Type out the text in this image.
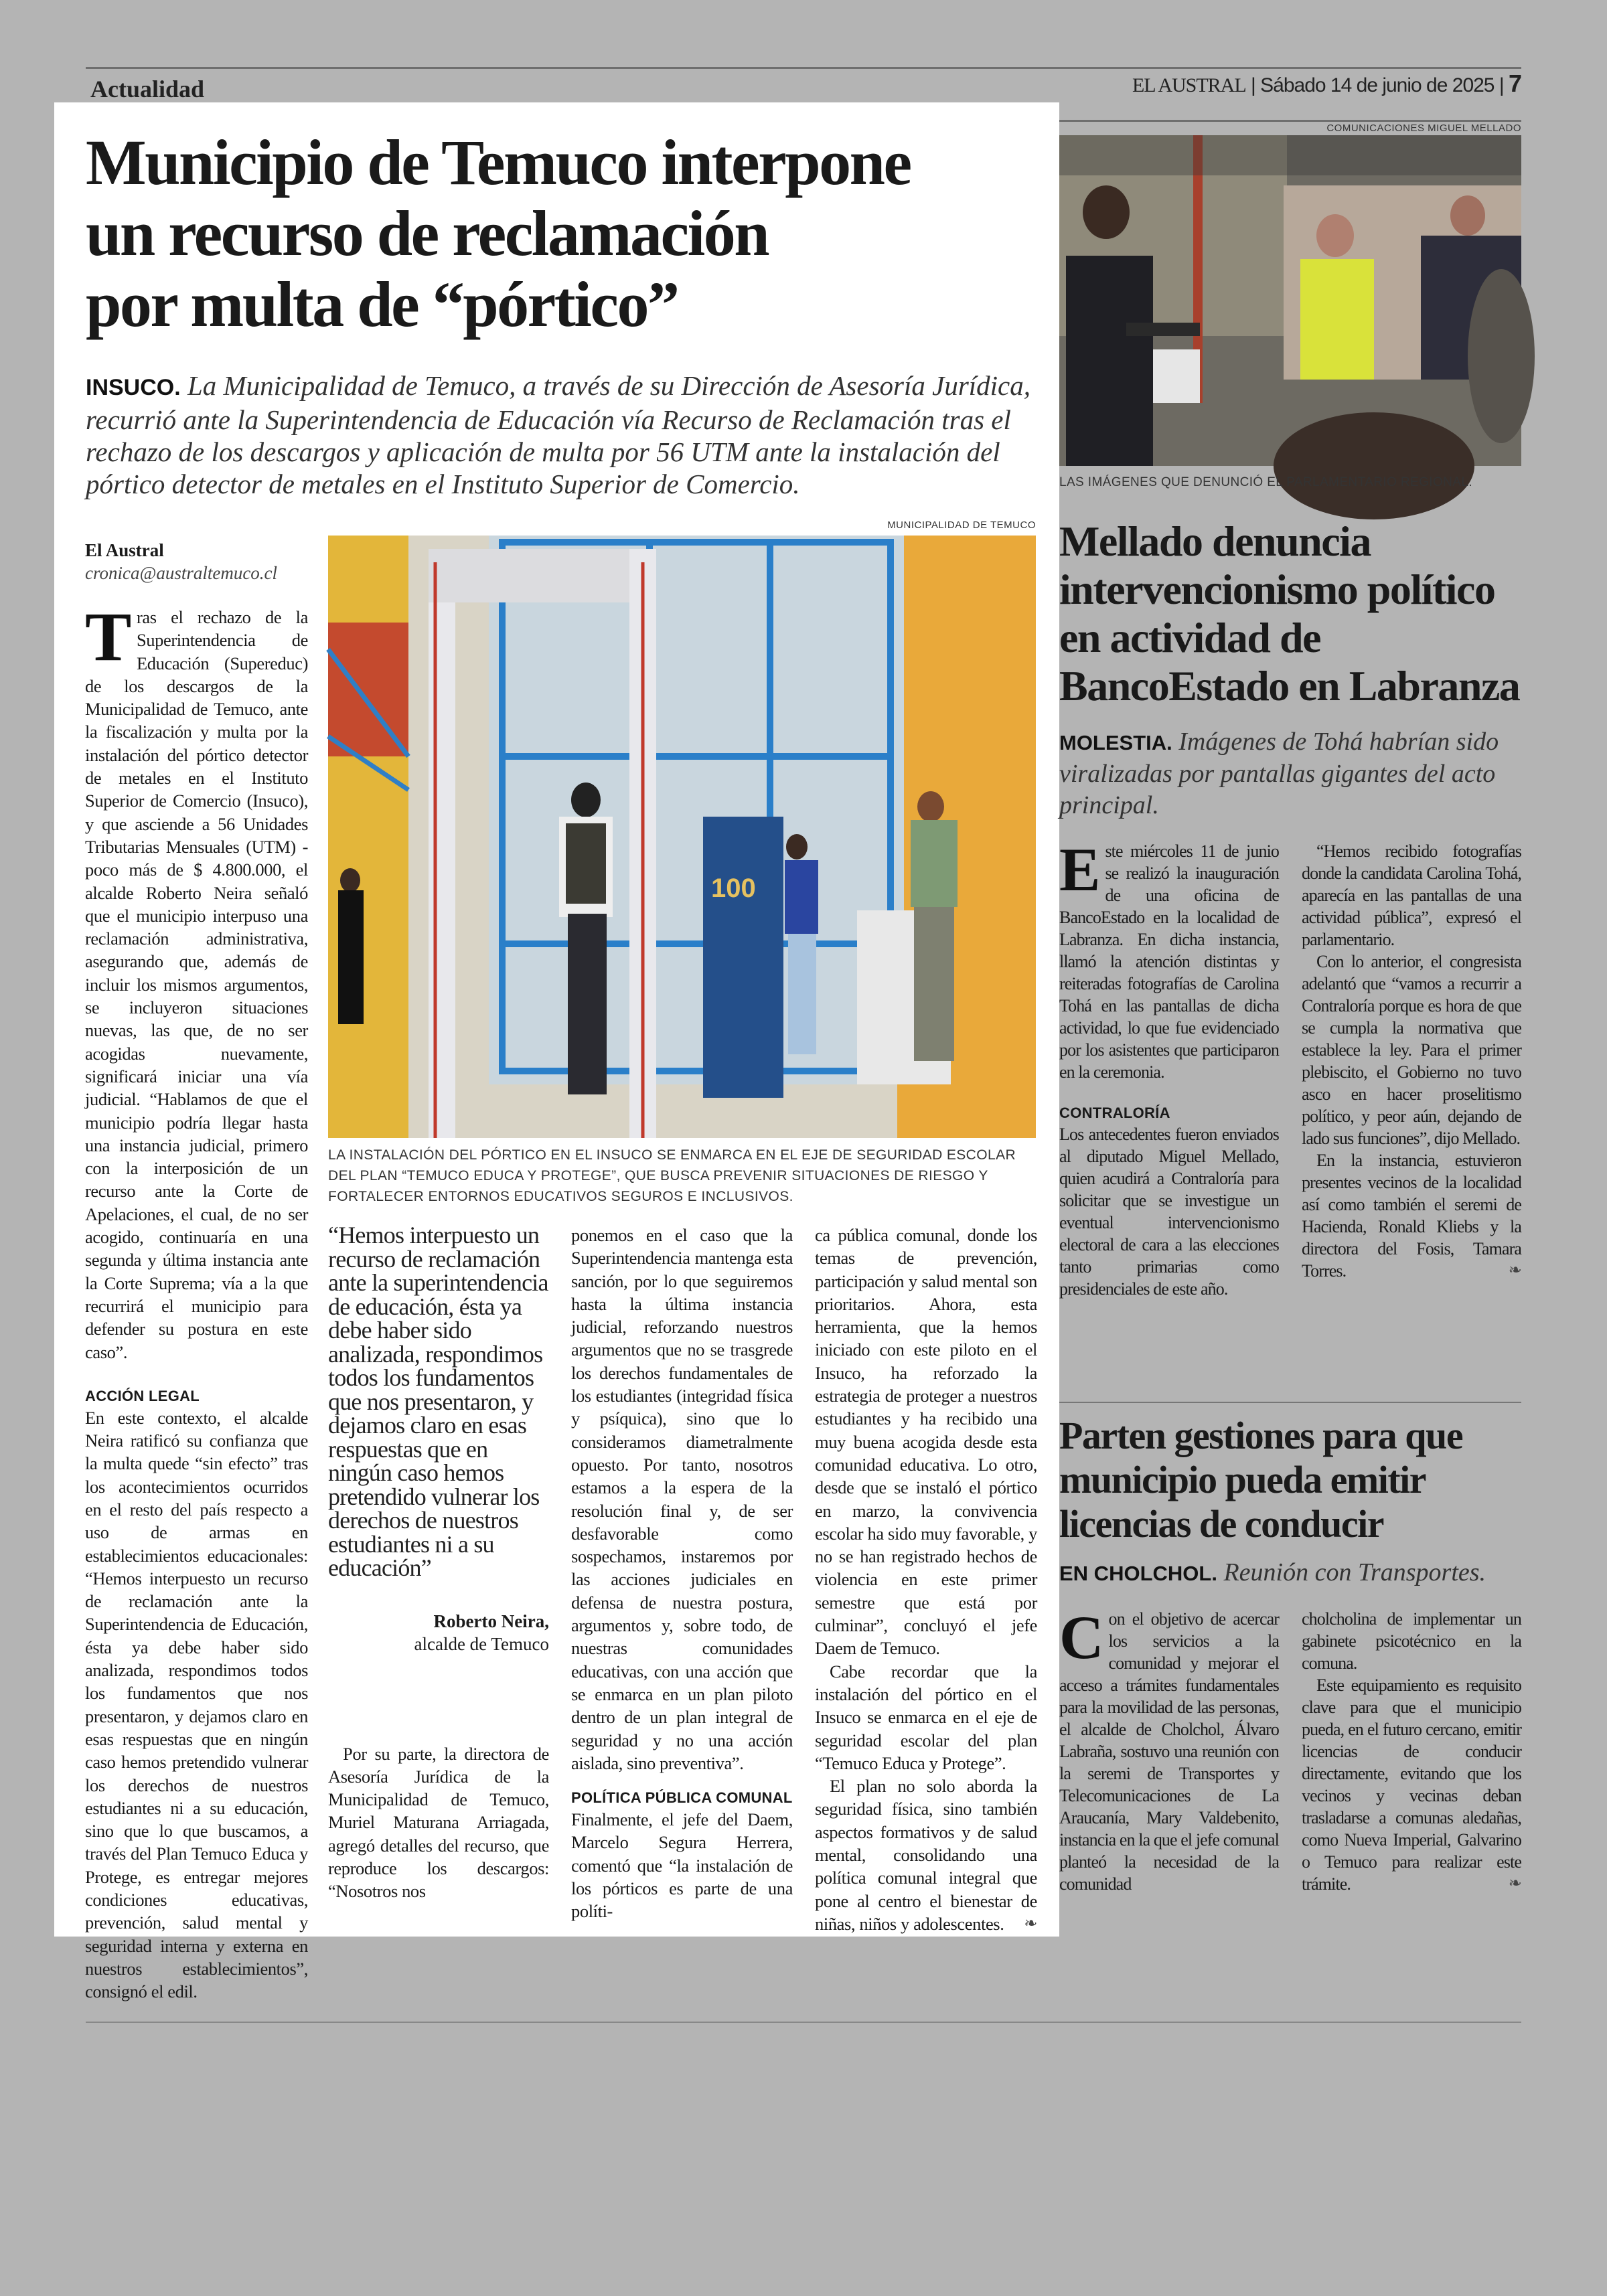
Actualidad	EL AUSTRAL | Sábado 14 de junio de 2025 | 7
Municipio de Temuco interpone
un recurso de reclamación
por multa de “pórtico”
INSUCO. La Municipalidad de Temuco, a través de su Dirección de Asesoría Jurídica, recurrió ante la Superintendencia de Educación vía Recurso de Reclamación tras el rechazo de los descargos y aplicación de multa por 56 UTM ante la instalación del pórtico detector de metales en el Instituto Superior de Comercio.
El Austral
cronica@australtemuco.cl
MUNICIPALIDAD DE TEMUCO
100
LA INSTALACIÓN DEL PÓRTICO EN EL INSUCO SE ENMARCA EN EL EJE DE SEGURIDAD ESCOLAR DEL PLAN “TEMUCO EDUCA Y PROTEGE”, QUE BUSCA PREVENIR SITUACIONES DE RIESGO Y FORTALECER ENTORNOS EDUCATIVOS SEGUROS E INCLUSIVOS.

Tras el rechazo de la Superintendencia de Educación (Supereduc) de los descargos de la Municipalidad de Temuco, ante la fiscalización y multa por la instalación del pórtico detector de metales en el Instituto Superior de Comercio (Insuco), y que asciende a 56 Unidades Tributarias Mensuales (UTM) -poco más de $ 4.800.000, el alcalde Roberto Neira señaló que el municipio interpuso una reclamación administrativa, asegurando que, además de incluir los mismos argumentos, se incluyeron situaciones nuevas, las que, de no ser acogidas nuevamente, significará iniciar una vía judicial. “Hablamos de que el municipio podría llegar hasta una instancia judicial, primero con la interposición de un recurso ante la Corte de Apelaciones, el cual, de no ser acogido, continuaría en una segunda y última instancia ante la Corte Suprema; vía a la que recurrirá el municipio para defender su postura en este caso”.

ACCIÓN LEGAL

En este contexto, el alcalde Neira ratificó su confianza que la multa quede “sin efecto” tras los acontecimientos ocurridos en el resto del país respecto a uso de armas en establecimientos educacionales: “Hemos interpuesto un recurso de reclamación ante la Superintendencia de Educación, ésta ya debe haber sido analizada, respondimos todos los fundamentos que nos presentaron, y dejamos claro en esas respuestas que en ningún caso hemos pretendido vulnerar los derechos de nuestros estudiantes ni a su educación, sino que lo que buscamos, a través del Plan Temuco Educa y Protege, es entregar mejores condiciones educativas, prevención, salud mental y seguridad interna y externa en nuestros establecimientos”, consignó el edil.

“Hemos interpuesto un recurso de reclamación ante la superintendencia de educación, ésta ya debe haber sido analizada, respondimos todos los fundamentos que nos presentaron, y dejamos claro en esas respuestas que en ningún caso hemos pretendido vulnerar los derechos de nuestros estudiantes ni a su educación”
Roberto Neira,
alcalde de Temuco

Por su parte, la directora de Asesoría Jurídica de la Municipalidad de Temuco, Muriel Maturana Arriagada, agregó detalles del recurso, que reproduce los descargos: “Nosotros nos

ponemos en el caso que la Superintendencia mantenga esta sanción, por lo que seguiremos hasta la última instancia judicial, reforzando nuestros argumentos que no se trasgrede los derechos fundamentales de los estudiantes (integridad física y psíquica), sino que lo consideramos diametralmente opuesto. Por tanto, nosotros estamos a la espera de la resolución final y, de ser desfavorable como sospechamos, instaremos por las acciones judiciales en defensa de nuestra postura, argumentos y, sobre todo, de nuestras comunidades educativas, con una acción que se enmarca en un plan piloto dentro de un plan integral de seguridad y no una acción aislada, sino preventiva”.

POLÍTICA PÚBLICA COMUNAL

Finalmente, el jefe del Daem, Marcelo Segura Herrera, comentó que “la instalación de los pórticos es parte de una políti-

ca pública comunal, donde los temas de prevención, participación y salud mental son prioritarios. Ahora, esta herramienta, que la hemos iniciado con este piloto en el Insuco, ha reforzado la estrategia de proteger a nuestros estudiantes y ha recibido una muy buena acogida desde esta comunidad educativa. Lo otro, desde que se instaló el pórtico en marzo, la convivencia escolar ha sido muy favorable, y no se han registrado hechos de violencia en este primer semestre que está por culminar”, concluyó el jefe Daem de Temuco.

Cabe recordar que la instalación del pórtico en el Insuco se enmarca en el eje de seguridad escolar del plan “Temuco Educa y Protege”.

El plan no solo aborda la seguridad física, sino también aspectos formativos y de salud mental, consolidando una política comunal integral que pone al centro el bienestar de niñas, niños y adolescentes.	❧

COMUNICACIONES MIGUEL MELLADO
LAS IMÁGENES QUE DENUNCIÓ EL PARLAMENTARIO REGIONAL.
Mellado denuncia intervencionismo político en actividad de BancoEstado en Labranza
MOLESTIA. Imágenes de Tohá habrían sido viralizadas por pantallas gigantes del acto principal.

Este miércoles 11 de junio se realizó la inauguración de una oficina de BancoEstado en la localidad de Labranza. En dicha instancia, llamó la atención distintas y reiteradas fotografías de Carolina Tohá en las pantallas de dicha actividad, lo que fue evidenciado por los asistentes que participaron en la ceremonia.

CONTRALORÍA

Los antecedentes fueron enviados al diputado Miguel Mellado, quien acudirá a Contraloría para solicitar que se investigue un eventual intervencionismo electoral de cara a las elecciones tanto primarias como presidenciales de este año.

“Hemos recibido fotografías donde la candidata Carolina Tohá, aparecía en las pantallas de una actividad pública”, expresó el parlamentario.

Con lo anterior, el congresista adelantó que “vamos a recurrir a Contraloría porque es hora de que se cumpla la normativa que establece la ley. Para el primer plebiscito, el Gobierno no tuvo asco en hacer proselitismo político, y peor aún, dejando de lado sus funciones”, dijo Mellado.

En la instancia, estuvieron presentes vecinos de la localidad así como también el seremi de Hacienda, Ronald Kliebs y la directora del Fosis, Tamara Torres.	❧

Parten gestiones para que municipio pueda emitir licencias de conducir
EN CHOLCHOL. Reunión con Transportes.

Con el objetivo de acercar los servicios a la comunidad y mejorar el acceso a trámites fundamentales para la movilidad de las personas, el alcalde de Cholchol, Álvaro Labraña, sostuvo una reunión con la seremi de Transportes y Telecomunicaciones de La Araucanía, Mary Valdebenito, instancia en la que el jefe comunal planteó la necesidad de la comunidad

cholcholina de implementar un gabinete psicotécnico en la comuna.

Este equipamiento es requisito clave para que el municipio pueda, en el futuro cercano, emitir licencias de conducir directamente, evitando que los vecinos y vecinas deban trasladarse a comunas aledañas, como Nueva Imperial, Galvarino o Temuco para realizar este trámite.	❧
